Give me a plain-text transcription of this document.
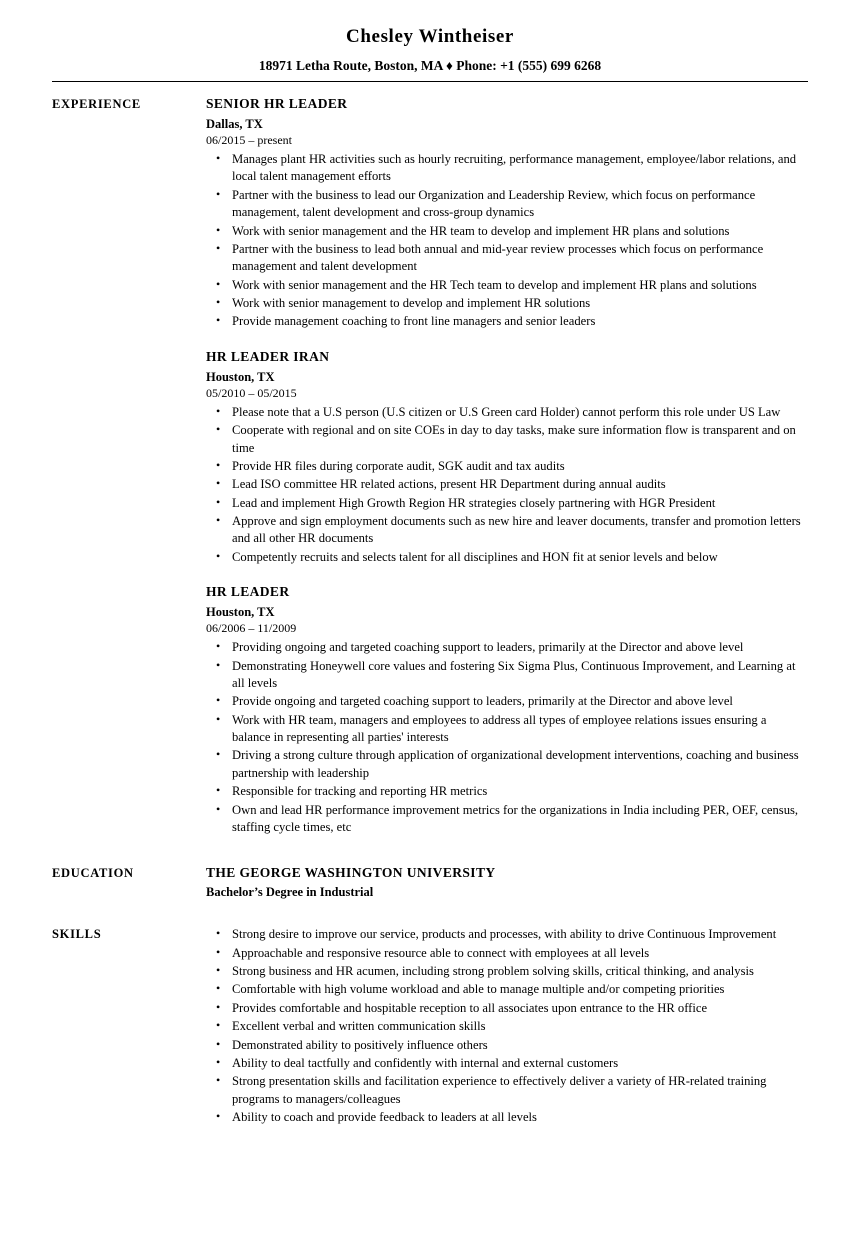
Chesley Wintheiser
18971 Letha Route, Boston, MA ♦ Phone: +1 (555) 699 6268
EXPERIENCE	SENIOR HR LEADER
Dallas, TX
06/2015 – present
• Manages plant HR activities such as hourly recruiting, performance management, employee/labor relations, and local talent management efforts
• Partner with the business to lead our Organization and Leadership Review, which focus on performance management, talent development and cross-group dynamics
• Work with senior management and the HR team to develop and implement HR plans and solutions
• Partner with the business to lead both annual and mid-year review processes which focus on performance management and talent development
• Work with senior management and the HR Tech team to develop and implement HR plans and solutions
• Work with senior management to develop and implement HR solutions
• Provide management coaching to front line managers and senior leaders
HR LEADER IRAN
Houston, TX
05/2010 – 05/2015
• Please note that a U.S person (U.S citizen or U.S Green card Holder) cannot perform this role under US Law
• Cooperate with regional and on site COEs in day to day tasks, make sure information flow is transparent and on time
• Provide HR files during corporate audit, SGK audit and tax audits
• Lead ISO committee HR related actions, present HR Department during annual audits
• Lead and implement High Growth Region HR strategies closely partnering with HGR President
• Approve and sign employment documents such as new hire and leaver documents, transfer and promotion letters and all other HR documents
• Competently recruits and selects talent for all disciplines and HON fit at senior levels and below
HR LEADER
Houston, TX
06/2006 – 11/2009
• Providing ongoing and targeted coaching support to leaders, primarily at the Director and above level
• Demonstrating Honeywell core values and fostering Six Sigma Plus, Continuous Improvement, and Learning at all levels
• Provide ongoing and targeted coaching support to leaders, primarily at the Director and above level
• Work with HR team, managers and employees to address all types of employee relations issues ensuring a balance in representing all parties' interests
• Driving a strong culture through application of organizational development interventions, coaching and business partnership with leadership
• Responsible for tracking and reporting HR metrics
• Own and lead HR performance improvement metrics for the organizations in India including PER, OEF, census, staffing cycle times, etc
EDUCATION	THE GEORGE WASHINGTON UNIVERSITY
Bachelor’s Degree in Industrial
SKILLS	• Strong desire to improve our service, products and processes, with ability to drive Continuous Improvement
• Approachable and responsive resource able to connect with employees at all levels
• Strong business and HR acumen, including strong problem solving skills, critical thinking, and analysis
• Comfortable with high volume workload and able to manage multiple and/or competing priorities
• Provides comfortable and hospitable reception to all associates upon entrance to the HR office
• Excellent verbal and written communication skills
• Demonstrated ability to positively influence others
• Ability to deal tactfully and confidently with internal and external customers
• Strong presentation skills and facilitation experience to effectively deliver a variety of HR-related training programs to managers/colleagues
• Ability to coach and provide feedback to leaders at all levels
